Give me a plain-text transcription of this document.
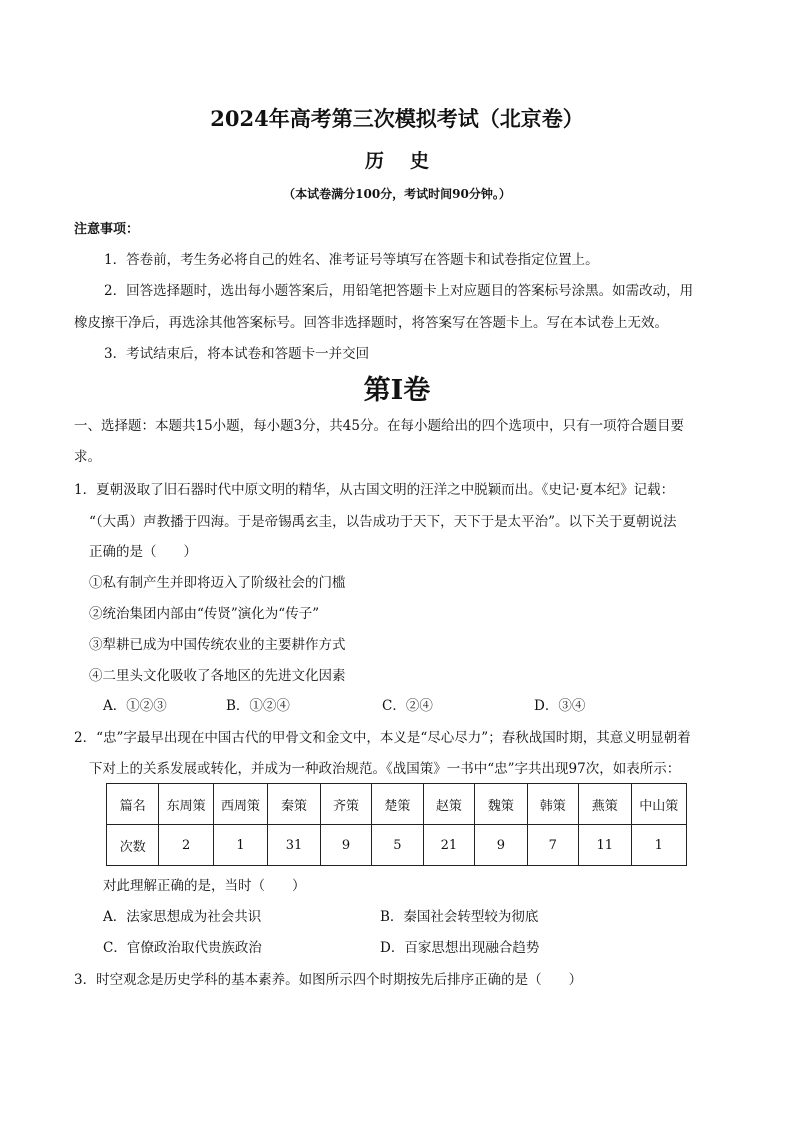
2024年高考第三次模拟考试（北京卷）
历史
（本试卷满分100分，考试时间90分钟。）
注意事项：
1．答卷前，考生务必将自己的姓名、准考证号等填写在答题卡和试卷指定位置上。
2．回答选择题时，选出每小题答案后，用铅笔把答题卡上对应题目的答案标号涂黑。如需改动，用
橡皮擦干净后，再选涂其他答案标号。回答非选择题时，将答案写在答题卡上。写在本试卷上无效。
3．考试结束后，将本试卷和答题卡一并交回
第Ⅰ卷
一、选择题：本题共15小题，每小题3分，共45分。在每小题给出的四个选项中，只有一项符合题目要
求。
1．夏朝汲取了旧石器时代中原文明的精华，从古国文明的汪洋之中脱颖而出。《史记·夏本纪》记载：
“（大禹）声教播于四海。于是帝锡禹玄圭，以告成功于天下，天下于是太平治”。以下关于夏朝说法
正确的是（　　）
①私有制产生并即将迈入了阶级社会的门槛
②统治集团内部由“传贤”演化为“传子”
③犁耕已成为中国传统农业的主要耕作方式
④二里头文化吸收了各地区的先进文化因素
A．①②③	B．①②④	C．②④	D．③④
2．“忠”字最早出现在中国古代的甲骨文和金文中，本义是“尽心尽力”；春秋战国时期，其意义明显朝着
下对上的关系发展或转化，并成为一种政治规范。《战国策》一书中“忠”字共出现97次，如表所示：
篇名	东周策	西周策	秦策	齐策	楚策	赵策	魏策	韩策	燕策	中山策
次数	2	1	31	9	5	21	9	7	11	1
对此理解正确的是，当时（　　）
A．法家思想成为社会共识	B．秦国社会转型较为彻底
C．官僚政治取代贵族政治	D．百家思想出现融合趋势
3．时空观念是历史学科的基本素养。如图所示四个时期按先后排序正确的是（　　）
